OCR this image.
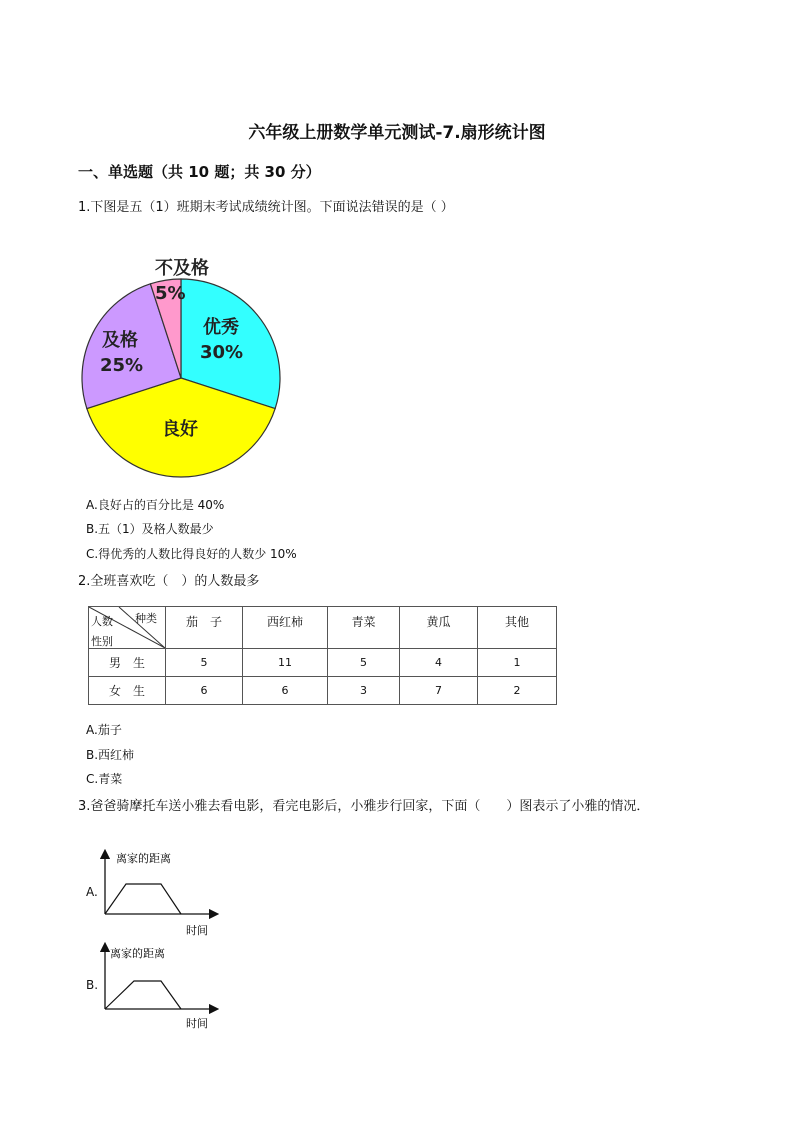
六年级上册数学单元测试-7.扇形统计图
一、单选题（共 10 题；共 30 分）
1.下图是五（1）班期末考试成绩统计图。下面说法错误的是（ ）
不及格
5%
优秀
30%
及格
25%
良好
A.良好占的百分比是 40%
B.五（1）及格人数最少
C.得优秀的人数比得良好的人数少 10%
2.全班喜欢吃（　）的人数最多
人数 种类
性别	茄　子	西红柿	青菜	黄瓜	其他
男　生	5	11	5	4	1
女　生	6	6	3	7	2
A.茄子
B.西红柿
C.青菜
3.爸爸骑摩托车送小雅去看电影，看完电影后，小雅步行回家，下面（　　）图表示了小雅的情况．
A.
离家的距离
时间
B.
离家的距离
时间
